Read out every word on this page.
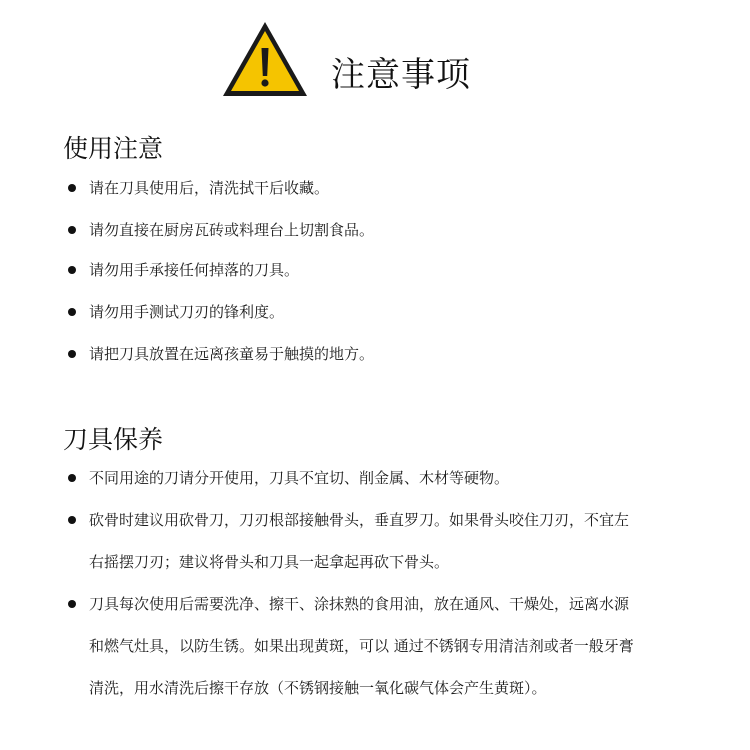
注意事项
使用注意
请在刀具使用后，清洗拭干后收藏。
请勿直接在厨房瓦砖或料理台上切割食品。
请勿用手承接任何掉落的刀具。
请勿用手测试刀刃的锋利度。
请把刀具放置在远离孩童易于触摸的地方。
刀具保养
不同用途的刀请分开使用，刀具不宜切、削金属、木材等硬物。
砍骨时建议用砍骨刀，刀刃根部接触骨头，垂直罗刀。如果骨头咬住刀刃，不宜左
右摇摆刀刃；建议将骨头和刀具一起拿起再砍下骨头。
刀具每次使用后需要洗净、擦干、涂抹熟的食用油，放在通风、干燥处，远离水源
和燃气灶具，以防生锈。如果出现黄斑，可以 通过不锈钢专用清洁剂或者一般牙膏
清洗，用水清洗后擦干存放（不锈钢接触一氧化碳气体会产生黄斑）。
